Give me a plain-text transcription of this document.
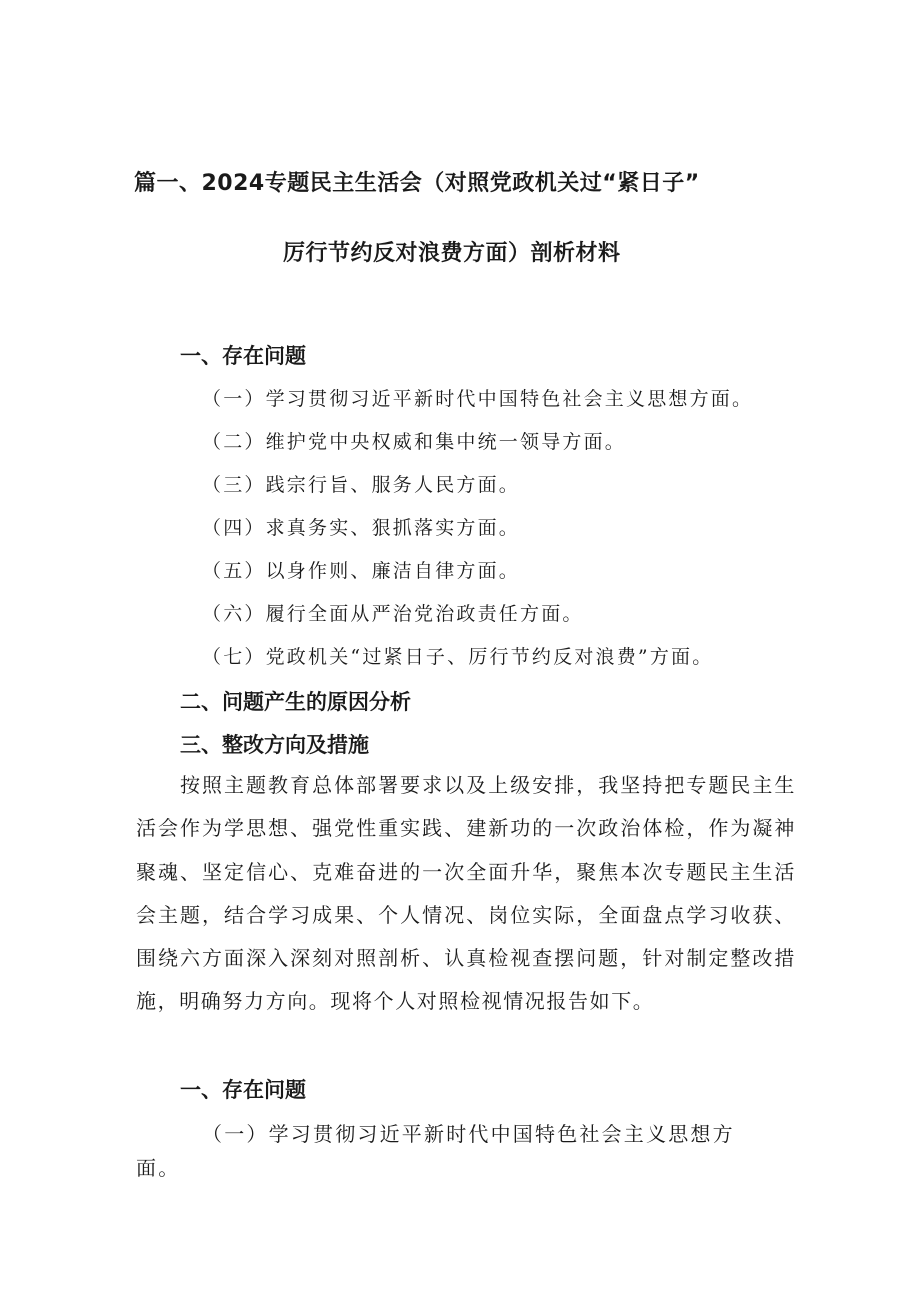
篇一、2024专题民主生活会（对照党政机关过“紧日子”
厉行节约反对浪费方面）剖析材料
一、存在问题
（一）学习贯彻习近平新时代中国特色社会主义思想方面。
（二）维护党中央权威和集中统一领导方面。
（三）践宗行旨、服务人民方面。
（四）求真务实、狠抓落实方面。
（五）以身作则、廉洁自律方面。
（六）履行全面从严治党治政责任方面。
（七）党政机关“过紧日子、厉行节约反对浪费”方面。
二、问题产生的原因分析
三、整改方向及措施

按照主题教育总体部署要求以及上级安排，我坚持把专题民主生活会作为学思想、强党性重实践、建新功的一次政治体检，作为凝神聚魂、坚定信心、克难奋进的一次全面升华，聚焦本次专题民主生活会主题，结合学习成果、个人情况、岗位实际，全面盘点学习收获、围绕六方面深入深刻对照剖析、认真检视查摆问题，针对制定整改措施，明确努力方向。现将个人对照检视情况报告如下。

一、存在问题

（一）学习贯彻习近平新时代中国特色社会主义思想方面。
